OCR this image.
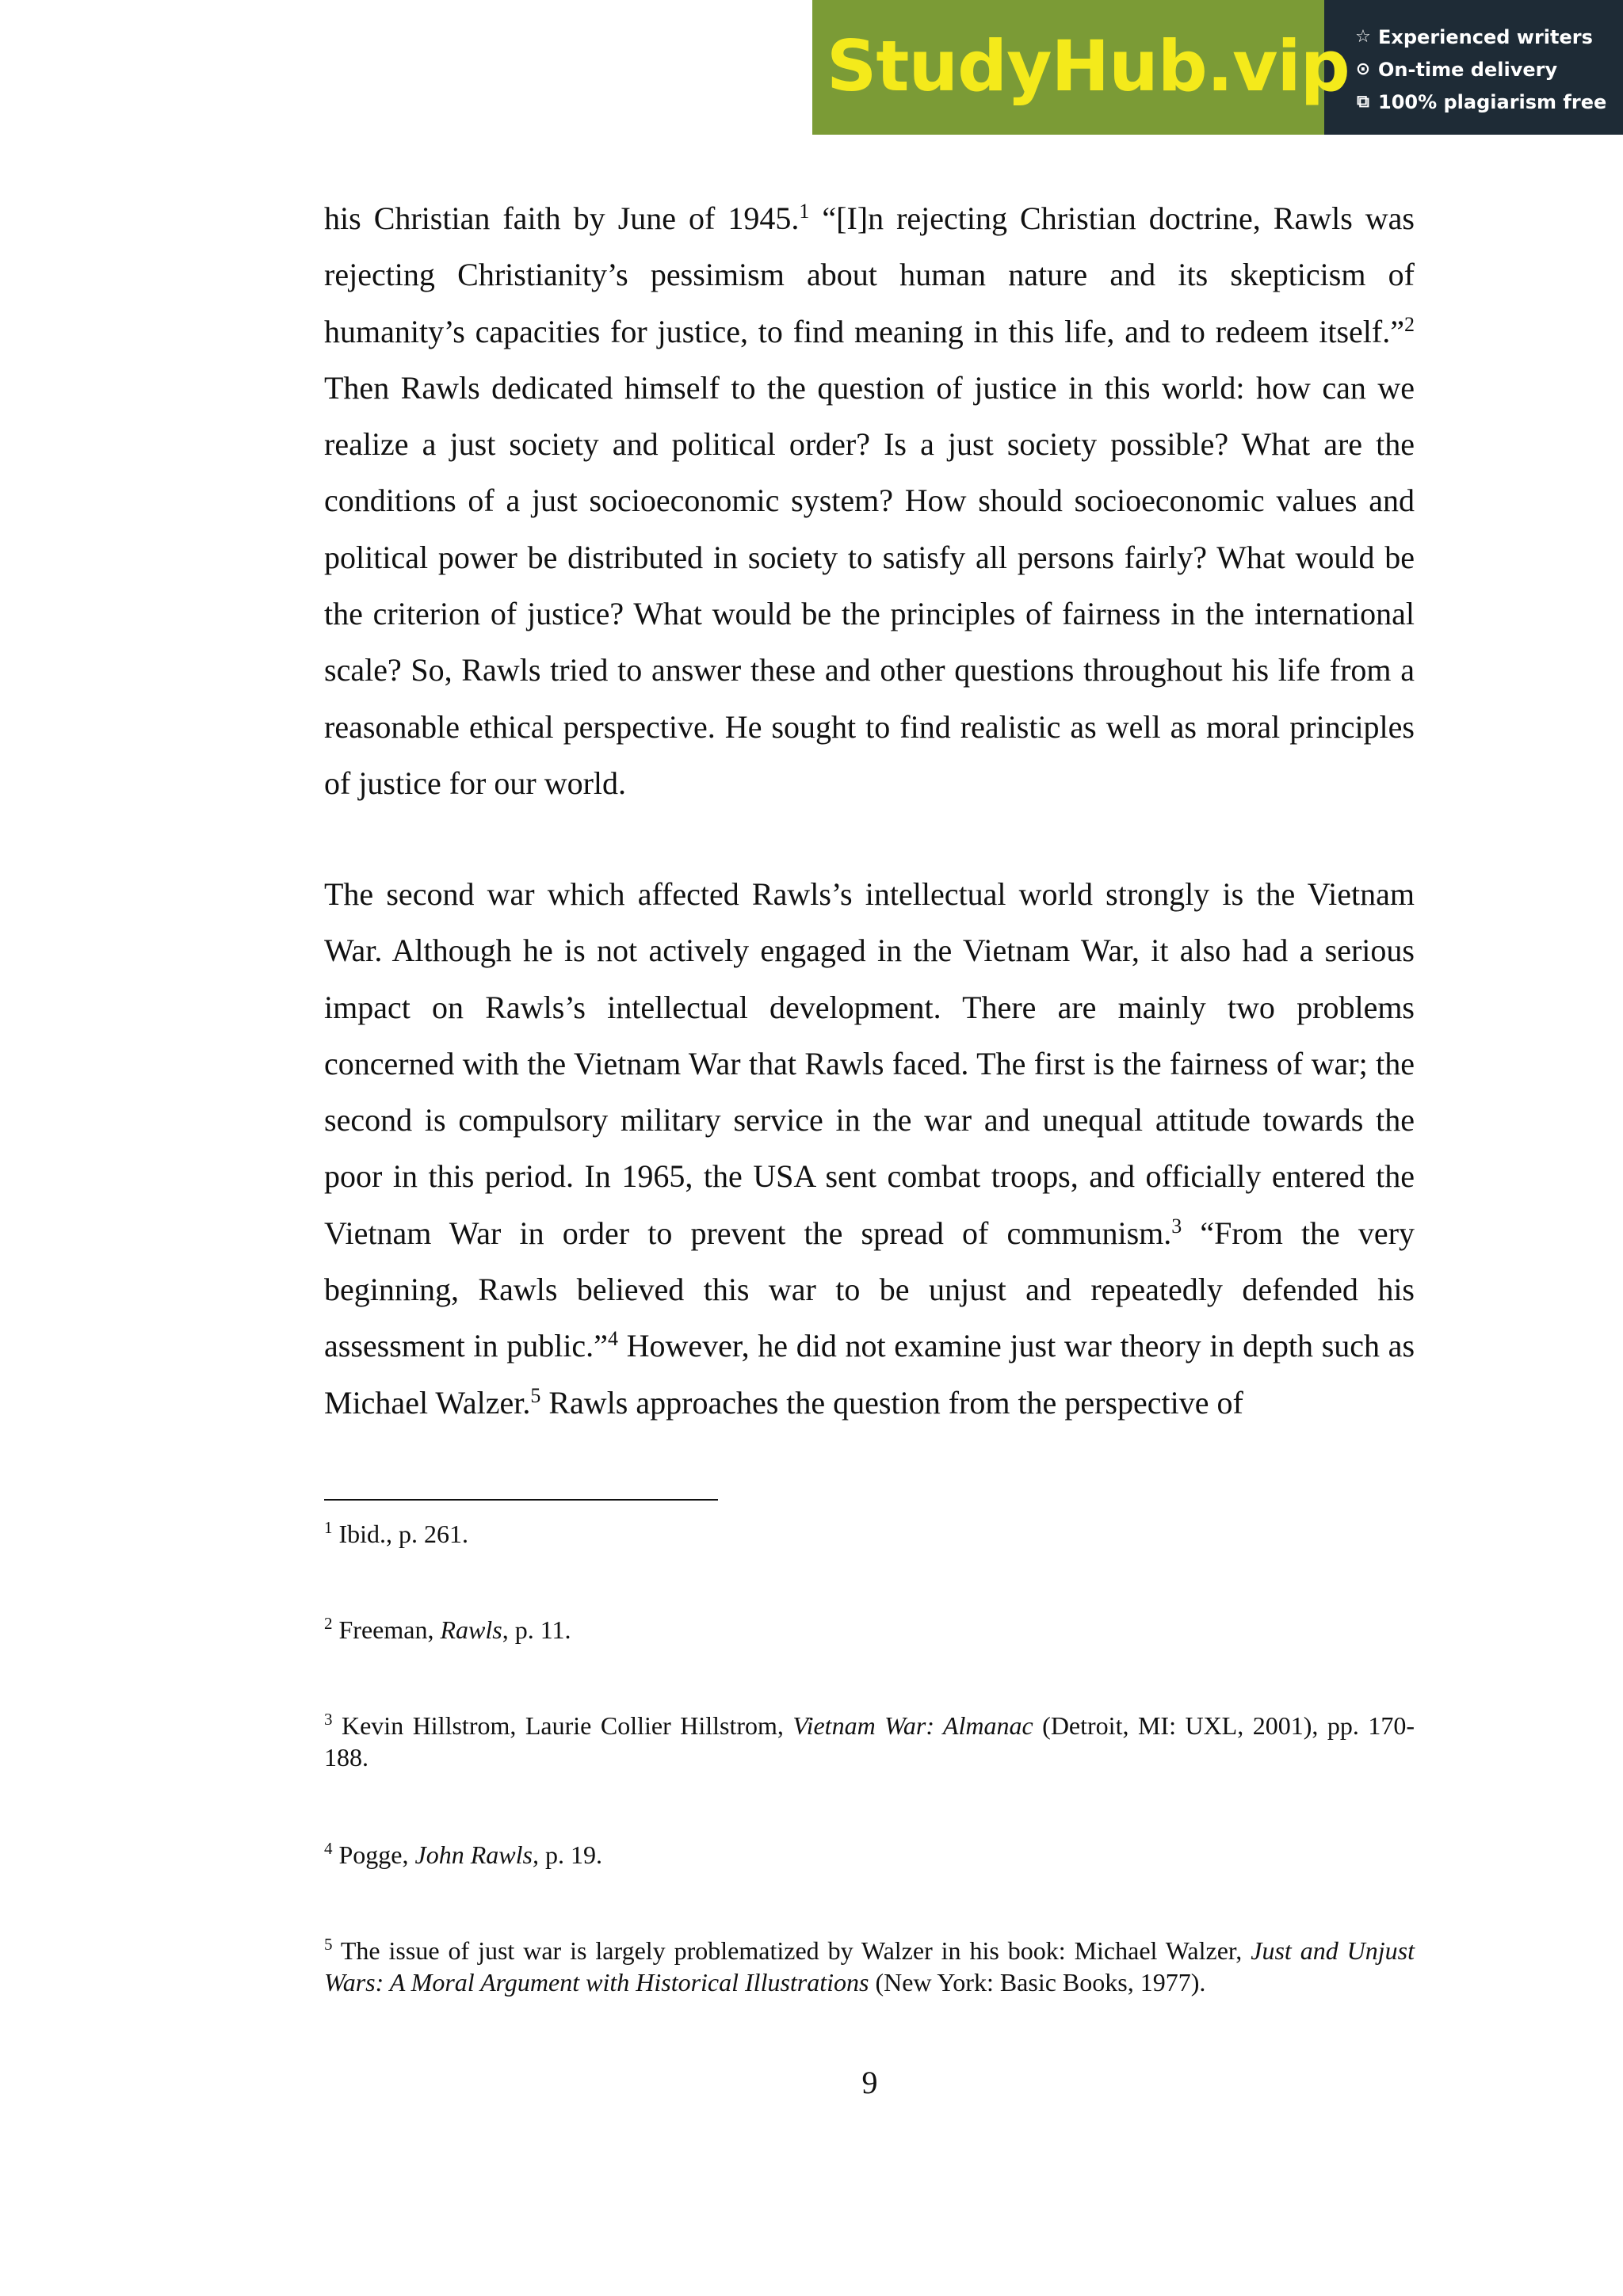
StudyHub.vip ☆ Experienced writers
⊙ On-time delivery
⧉ 100% plagiarism free

his Christian faith by June of 1945.$^1$ “[I]n rejecting Christian doctrine, Rawls was rejecting Christianity’s pessimism about human nature and its skepticism of humanity’s capacities for justice, to find meaning in this life, and to redeem itself.”$^2$ Then Rawls dedicated himself to the question of justice in this world: how can we realize a just society and political order? Is a just society possible? What are the conditions of a just socioeconomic system? How should socioeconomic values and political power be distributed in society to satisfy all persons fairly? What would be the criterion of justice? What would be the principles of fairness in the international scale? So, Rawls tried to answer these and other questions throughout his life from a reasonable ethical perspective. He sought to find realistic as well as moral principles of justice for our world.

The second war which affected Rawls’s intellectual world strongly is the Vietnam War. Although he is not actively engaged in the Vietnam War, it also had a serious impact on Rawls’s intellectual development. There are mainly two problems concerned with the Vietnam War that Rawls faced. The first is the fairness of war; the second is compulsory military service in the war and unequal attitude towards the poor in this period. In 1965, the USA sent combat troops, and officially entered the Vietnam War in order to prevent the spread of communism.$^3$ “From the very beginning, Rawls believed this war to be unjust and repeatedly defended his assessment in public.”$^4$ However, he did not examine just war theory in depth such as Michael Walzer.$^5$ Rawls approaches the question from the perspective of

$^1$ Ibid., p. 261.

$^2$ Freeman, Rawls, p. 11.

$^3$ Kevin Hillstrom, Laurie Collier Hillstrom, Vietnam War: Almanac (Detroit, MI: UXL, 2001), pp. 170-188.

$^4$ Pogge, John Rawls, p. 19.

$^5$ The issue of just war is largely problematized by Walzer in his book: Michael Walzer, Just and Unjust Wars: A Moral Argument with Historical Illustrations (New York: Basic Books, 1977).

9
